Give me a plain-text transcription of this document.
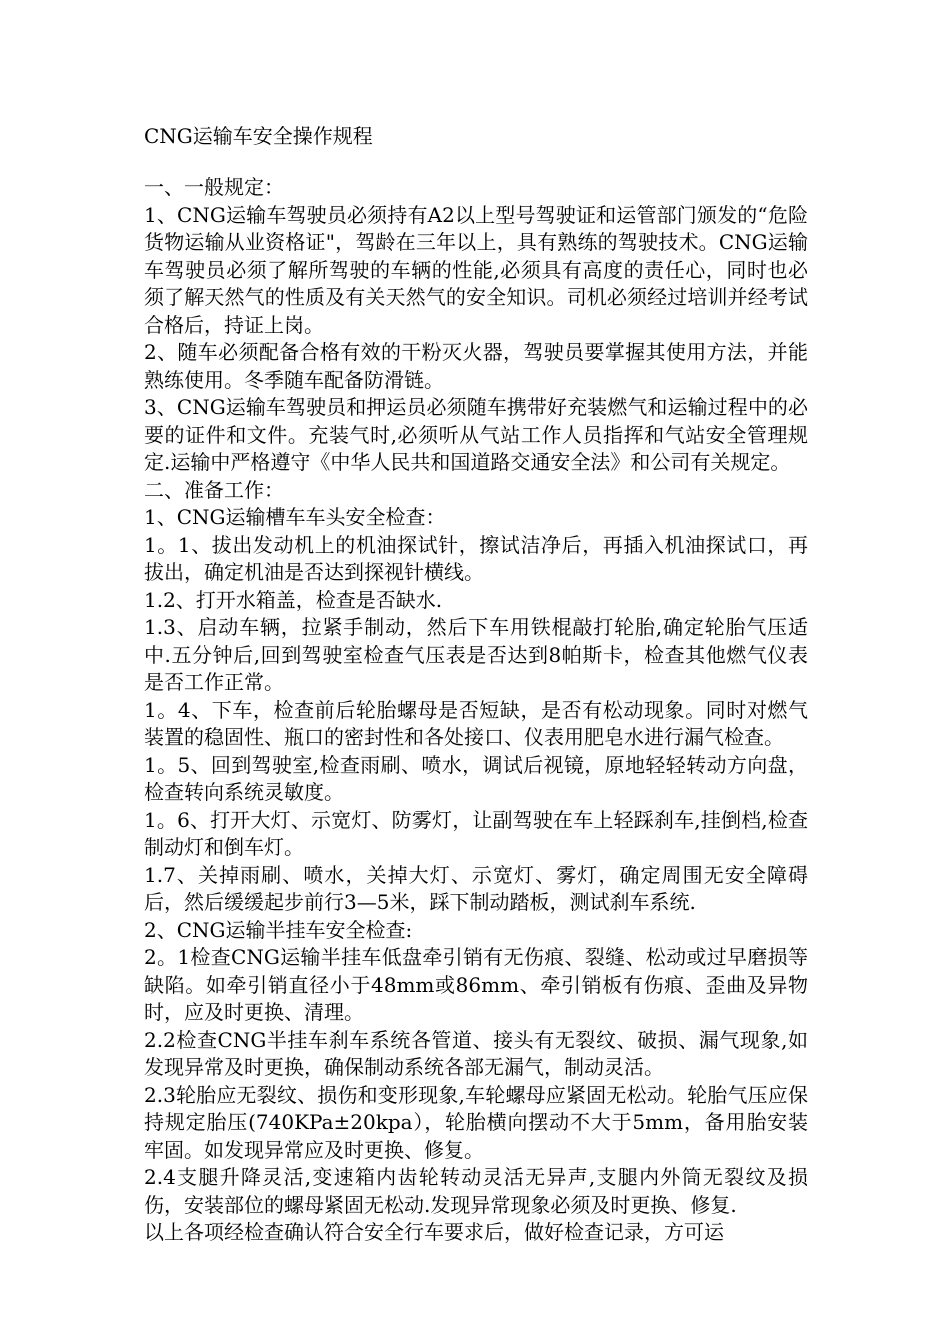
CNG运输车安全操作规程

一、一般规定：

1、CNG运输车驾驶员必须持有A2以上型号驾驶证和运管部门颁发的“危险货物运输从业资格证"，驾龄在三年以上，具有熟练的驾驶技术。CNG运输车驾驶员必须了解所驾驶的车辆的性能,必须具有高度的责任心，同时也必须了解天然气的性质及有关天然气的安全知识。司机必须经过培训并经考试合格后，持证上岗。

2、随车必须配备合格有效的干粉灭火器，驾驶员要掌握其使用方法，并能熟练使用。冬季随车配备防滑链。

3、CNG运输车驾驶员和押运员必须随车携带好充装燃气和运输过程中的必要的证件和文件。充装气时,必须听从气站工作人员指挥和气站安全管理规定.运输中严格遵守《中华人民共和国道路交通安全法》和公司有关规定。

二、准备工作：

1、CNG运输槽车车头安全检查：

1。1、拔出发动机上的机油探试针，擦试洁净后，再插入机油探试口，再拔出，确定机油是否达到探视针横线。

1.2、打开水箱盖，检查是否缺水.

1.3、启动车辆，拉紧手制动，然后下车用铁棍敲打轮胎,确定轮胎气压适中.五分钟后,回到驾驶室检查气压表是否达到8帕斯卡，检查其他燃气仪表是否工作正常。

1。4、下车，检查前后轮胎螺母是否短缺，是否有松动现象。同时对燃气装置的稳固性、瓶口的密封性和各处接口、仪表用肥皂水进行漏气检查。

1。5、回到驾驶室,检查雨刷、喷水，调试后视镜，原地轻轻转动方向盘，检查转向系统灵敏度。

1。6、打开大灯、示宽灯、防雾灯，让副驾驶在车上轻踩刹车,挂倒档,检查制动灯和倒车灯。

1.7、关掉雨刷、喷水，关掉大灯、示宽灯、雾灯，确定周围无安全障碍后，然后缓缓起步前行3—5米，踩下制动踏板，测试刹车系统.

2、CNG运输半挂车安全检查:

2。1检查CNG运输半挂车低盘牵引销有无伤痕、裂缝、松动或过早磨损等缺陷。如牵引销直径小于48mm或86mm、牵引销板有伤痕、歪曲及异物时，应及时更换、清理。

2.2检查CNG半挂车刹车系统各管道、接头有无裂纹、破损、漏气现象,如发现异常及时更换，确保制动系统各部无漏气，制动灵活。

2.3轮胎应无裂纹、损伤和变形现象,车轮螺母应紧固无松动。轮胎气压应保持规定胎压(740KPa±20kpa），轮胎横向摆动不大于5mm，备用胎安装牢固。如发现异常应及时更换、修复。

2.4支腿升降灵活,变速箱内齿轮转动灵活无异声,支腿内外筒无裂纹及损伤，安装部位的螺母紧固无松动.发现异常现象必须及时更换、修复.

以上各项经检查确认符合安全行车要求后，做好检查记录，方可运
